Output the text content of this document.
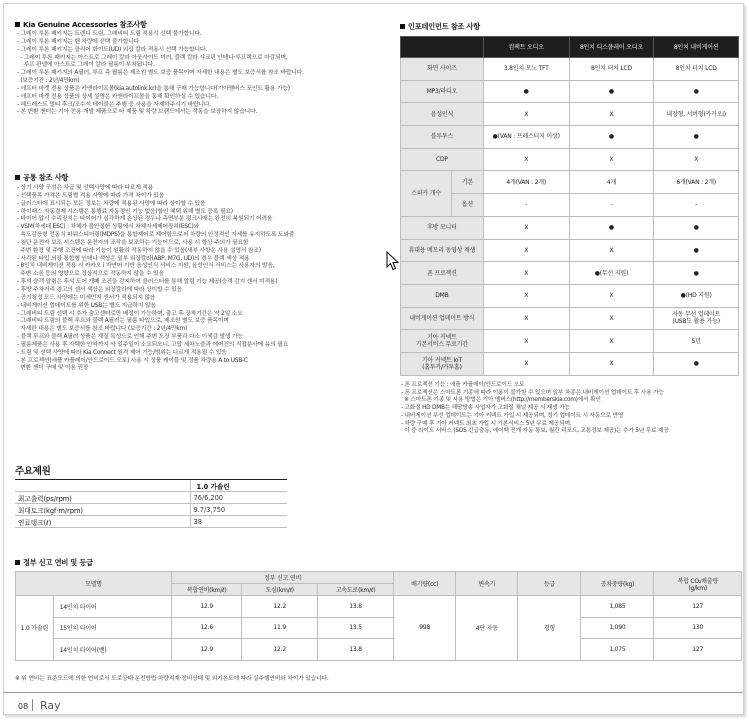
Kia Genuine Accessories 참조사항
- 그레이 투톤 패키지는 트렌디 트림, 그래비티 트림 적용시 선택 불가합니다.
- 그레이 투톤 패키지는 밴 차량에 선택 불가합니다.
- 그레이 투톤 패키지는 클리어 화이트(UD) 외장 칼라 적용시 선택 가능합니다.
- 그레이 투톤 패키지는 아스트로 그레이 칼라 아웃사이드 미러, 블랙 칼라 샤크핀 안테나·루프랙으로 마감되며,
루프 판넬에 아스트로 그레이 칼라 필름이 부착됩니다.
- 그레이 투톤 패키지의 A필러, 루프 측 필름은 제조원 별도 보증 품목이며 자세한 내용은 별도 보증서를 참조 바랍니다.
(보증기간 : 2년/4만km)
- 애프터 마켓 전용 상품은 카앤라이프몰(kia.autolink.kr)을 통해 구매 가능합니다(기아멤버스 포인트 활용 가능)
- 애프터 마켓 전용 상품의 상세 설명은 카앤라이프몰을 통해 확인하실 수 있습니다.
- 헤드레스트 멀티 후크/조수석 테이블은 주행 중 사용을 자제하주시기 바랍니다.
- 본 변환 젠더는 기아 전용 개발 제품으로 타 제품 및 차량 브랜드에서는 작동을 보장하지 않습니다.
공통 참조 사항
- 상기 사양 구성은 차급 및 선택사양에 따라 다르게 적용
- 선택품목 가격은 트림별 적용 사양에 따라 가격 차이가 있음
- 글러스터에 표시되는 모든 정보는 차량에 적용된 사양에 따라 상이할 수 있음
- 하이패스 자동결제 시스템은 통행료 자동정인 기능 없음(할인 혜택 위해 별도 등록 필요)
- 타이어 압시 수리장치는 타이어가 심각하게 손상된 경우나 측면부분 펑크시에는 완전히 복원되기 어려움
- VSM(차세대 ESC) : 차체가 불안정한 상황에서 차체자세제어장치(ESC)와
속도감응형 전동식 파워스티어링(MDPS)을 통합제어로 제어함으로써 차량의 안정적인 자세를 유지하도록 도와줌
- 첨단 운전자 보조 시스템은 운전자의 조작을 보조하는 기능이므로, 사용 시 항상 주의가 필요함
주변 환경 및 주행 조건에 따라 기능이 원활히 작동하지 않을 수 있음(세부 사항은 사용 설명서 참조)
- 사각된 타입 의장 통합형 인테나 색상은 일부 외장칼라(ABP, M7G, UD)의 경우 블랙 색상 적용
- 8인치 내비게이션 적용 시 카카오 i 자연어 기반 음성인식 서비스 지원, 음성인식 서비스는 사용자의 발음,
주변 소음 등의 영향으로 정상적으로 작동하지 않을 수 있음
- 후석 승객 알림은 후석 도어 개폐 조건을 감지하여 클러스터를 통해 알림 기능 제공(승객 감지 센서 미적용)
- 후방 주차거리 경고의 센서 색상은 외장칼라에 따라 상이할 수 있음
- 공기청정 모드 사양에는 미세먼지 센서가 적용되지 않음
- 내비게이션 업데이트를 위한 USB는 별도 지급하지 않음
- 그래비티 트림 선택 시 추가 출고센터로만 배정이 가능하며, 출고 후 장착기간은 약 2일 소요
- 그래비티 트림의 블랙 루프와 블랙 A필러는 필름 타입으로, 제조원 별도 보증 품목이며
자세한 내용은 별도 보증서를 참조 바랍니다 (보증기간 : 2년/4만km)
- 블랙 루프와 블랙 A필러 상품은 재질 특성으로 인해 주변 도장 부품과 다소 이색감 발생 가능
- 필름제품은 사용 후 자택한 안착까지 약 일주일이 소요되오니, 고압 세차노즐과 에어건의 직접분사에 유의 필요
- 트림 및 선택 사양에 따라 Kia Connect 원격 제어 기능/범위는 다르게 적용될 수 있음
- 본 프로젝션(애플 카플레이/안드로이드 오토) 사용 시 정품 케이블 및 정품 차량용 A to USB-C
변환 젠더 구매 및 이용 권장
주요제원
	1.0 가솔린
최고출력(ps/rpm)	76/6,200
최대토크(kgf·m/rpm)	9.7/3,750
연료탱크(ℓ)	38
인포테인먼트 참조 사항
		컴팩트 오디오	8인치 디스플레이 오디오	8인치 내비게이션
화면 사이즈		3.8인치 모노 TFT	8인치 터치 LCD	8인치 터치 LCD
MP3/라디오		●	●	●
음성인식		X	X	내장형, 서버형(카카오i)
블루투스		●(VAN : 프레스티지 이상)	●	●
CDP		X	X	X
스피커 개수	기본	4개(VAN : 2개)	4개	6개(VAN : 2개)
	옵션	-	-	-
후방 모니터		X	●	●
휴대용 메모리 동영상 재생		X	X	●
폰 프로젝션		X	●(무선 지원)	●
DMB		X	X	●(HD 지원)
내비게이션 업데이트 방식		X	X	자동 무선 업데이트
(USB도 활용 가능)
기아 커넥트
기본서비스 무료기간		X	X	5년
기아 커넥트 IoT
(홈투카/카투홈)		X	X	●
- 폰 프로젝션 기능 : 애플 카플레이/안드로이드 오토
- 폰 프로젝션은 스마트폰 기종에 따라 이용이 불가할 수 있으며 일부 차종은 내비게이션 업데이트 후 사용 가능
※ 스마트폰 기종 및 사용 방법은 기아 멤버스(http://memberskia.com)에서 확인
- 고화질 HD DMB는 해당방송 사업자가 고화질 채널 제공 시 재생 가능
- 내비게이션 무선 업데이트는 기아 커넥트 가입 시 제공되며, 정기 업데이트 시 자동으로 반영
- 차량 구매 후 기아 커넥트 최초 가입 시 기본서비스 5년 무료 제공되며,
이 중 라이트 서비스 (SOS 긴급출동, 에어백 전개 자동 통보, 월간 리포트, 교통정보 제공)는 추가 5년 무료 제공
정부 신고 연비 및 등급
모델명		정부 신고 연비			배기량(cc)	변속기	등급	공차중량(kg)	복합 CO₂배출량
(g/km)
		복합연비(km/ℓ)	도심(km/ℓ)	고속도로(km/ℓ)					
1.0 가솔린	14인치 타이어	12.9	12.2	13.8	998	4단 자동	경형	1,085	127
	15인치 타이어	12.6	11.9	13.5				1,090	130
	14인치 타이어(밴)	12.9	12.2	13.8				1,075	127
※ 위 연비는 표준모드에 의한 연비로서 도로상태·운전방법·차량적재·정비상태 및 외기온도에 따라 실주행연비와 차이가 있습니다.
08 Ray
